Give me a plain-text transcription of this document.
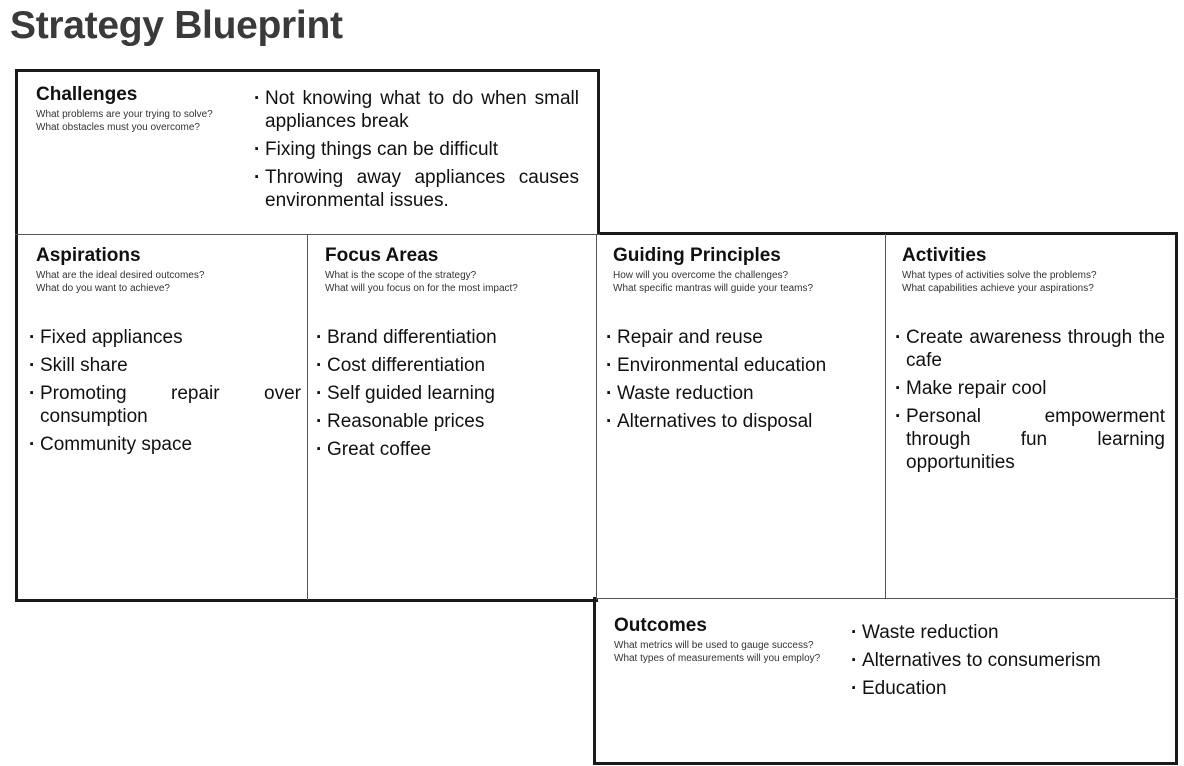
Strategy Blueprint
Challenges
What problems are your trying to solve?
What obstacles must you overcome?
· Not knowing what to do when small appliances break
· Fixing things can be difficult
· Throwing away appliances causes environmental issues.
Aspirations
What are the ideal desired outcomes?
What do you want to achieve?
· Fixed appliances
· Skill share
· Promoting repair over consumption
· Community space
Focus Areas
What is the scope of the strategy?
What will you focus on for the most impact?
· Brand differentiation
· Cost differentiation
· Self guided learning
· Reasonable prices
· Great coffee
Guiding Principles
How will you overcome the challenges?
What specific mantras will guide your teams?
· Repair and reuse
· Environmental education
· Waste reduction
· Alternatives to disposal
Activities
What types of activities solve the problems?
What capabilities achieve your aspirations?
· Create awareness through the cafe
· Make repair cool
· Personal empowerment through fun learning opportunities
Outcomes
What metrics will be used to gauge success?
What types of measurements will you employ?
· Waste reduction
· Alternatives to consumerism
· Education
